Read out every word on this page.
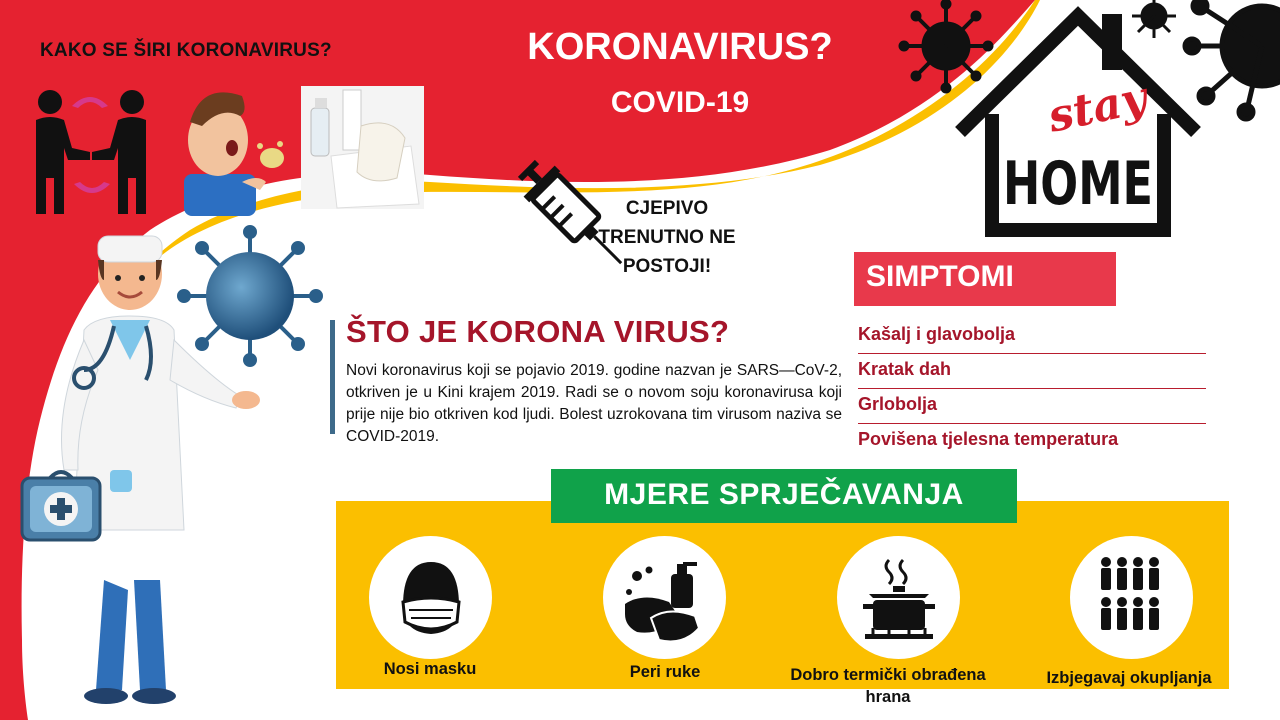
KAKO SE ŠIRI KORONAVIRUS?	KORONAVIRUS?
COVID-19
CJEPIVO
TRENUTNO NE
POSTOJI!
stay
HOME
ŠTO JE KORONA VIRUS?
Novi koronavirus koji se pojavio 2019. godine nazvan je SARS—CoV-2, otkriven je u Kini krajem 2019. Radi se o novom soju koronavirusa koji prije nije bio otkriven kod ljudi. Bolest uzrokovana tim virusom naziva se COVID-2019.
SIMPTOMI
Kašalj i glavobolja
Kratak dah
Grlobolja
Povišena tjelesna temperatura
MJERE SPRJEČAVANJA
Nosi masku	Peri ruke	Dobro termički obrađena hrana
Izbjegavaj okupljanja
